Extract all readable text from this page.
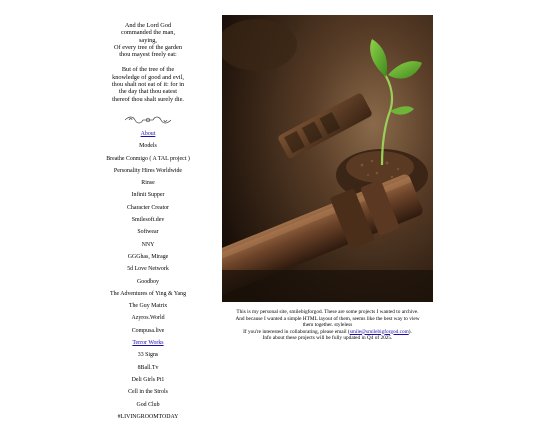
And the Lord God
commanded the man,
saying,
Of every tree of the garden
thou mayest freely eat:
But of the tree of the
knowledge of good and evil,
thou shalt not eat of it: for in
the day that thou eatest
thereof thou shalt surely die.
About
Models
Breathe Conmigo ( A TAL project )
Personality Hires Worldwide
Rinse
Infinit Supper
Character Creator
Smilesoft.dev
Softwear
NNY
GGGhas, Mirage
5d Love Network
Goodboy
The Adventures of Ying & Yang
The Guy Matrix
Azyros.World
Compusa.live
Terror Works
33 Signs
8Ball.Tv
Deli Girls Pt1
Cell in the Strols
God Club
#LIVINGROOMTODAY
This is my personal site, smilebigforgod. These are some projects I wanted to archive.
And because I wanted a simple HTML layout of them, seems like the best way to view
them together. styleless
If you're interested in collaborating, please email (smile@smilebigforgod.com).
Info about these projects will be fully updated in Q4 of 2025.
